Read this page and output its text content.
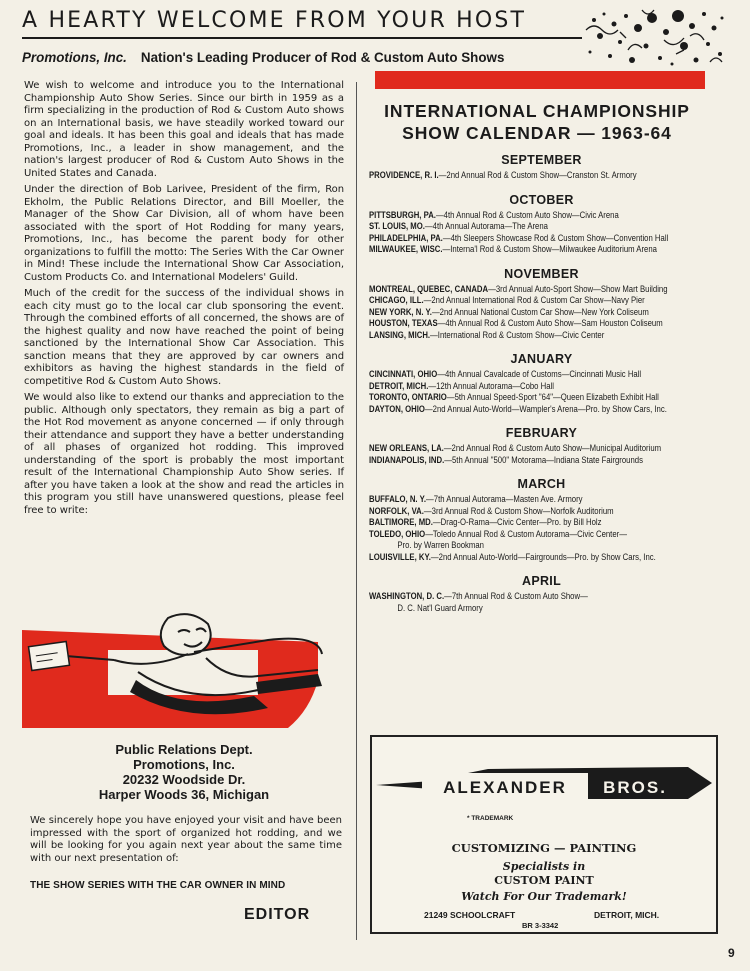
A HEARTY WELCOME FROM YOUR HOST
Promotions, Inc. Nation's Leading Producer of Rod & Custom Auto Shows

We wish to welcome and introduce you to the International Championship Auto Show Series. Since our birth in 1959 as a firm specializing in the production of Rod & Custom Auto shows on an International basis, we have steadily worked toward our goal and ideals. It has been this goal and ideals that has made Promotions, Inc., a leader in show management, and the nation's largest producer of Rod & Custom Auto Shows in the United States and Canada.

Under the direction of Bob Larivee, President of the firm, Ron Ekholm, the Public Relations Director, and Bill Moeller, the Manager of the Show Car Division, all of whom have been associated with the sport of Hot Rodding for many years, Promotions, Inc., has become the parent body for other organizations to fulfill the motto: The Series With the Car Owner in Mind! These include the International Show Car Association, Custom Products Co. and International Modelers' Guild.

Much of the credit for the success of the individual shows in each city must go to the local car club sponsoring the event. Through the combined efforts of all concerned, the shows are of the highest quality and now have reached the point of being sanctioned by the International Show Car Association. This sanction means that they are approved by car owners and exhibitors as having the highest standards in the field of competitive Rod & Custom Auto Shows.

We would also like to extend our thanks and appreciation to the public. Although only spectators, they remain as big a part of the Hot Rod movement as anyone concerned — if only through their attendance and support they have a better understanding of all phases of organized hot rodding. This improved understanding of the sport is probably the most important result of the International Championship Auto Show series. If after you have taken a look at the show and read the articles in this program you still have unanswered questions, please feel free to write:

Public Relations Dept.
Promotions, Inc.
20232 Woodside Dr.
Harper Woods 36, Michigan
We sincerely hope you have enjoyed your visit and have been impressed with the sport of organized hot rodding, and we will be looking for you again next year about the same time with our next presentation of:
THE SHOW SERIES WITH THE CAR OWNER IN MIND
EDITOR
INTERNATIONAL CHAMPIONSHIP
SHOW CALENDAR — 1963-64
SEPTEMBER
PROVIDENCE, R. I.—2nd Annual Rod & Custom Show—Cranston St. Armory
OCTOBER
PITTSBURGH, PA.—4th Annual Rod & Custom Auto Show—Civic Arena
ST. LOUIS, MO.—4th Annual Autorama—The Arena
PHILADELPHIA, PA.—4th Sleepers Showcase Rod & Custom Show—Convention Hall
MILWAUKEE, WISC.—Interna'l Rod & Custom Show—Milwaukee Auditorium Arena
NOVEMBER
MONTREAL, QUEBEC, CANADA—3rd Annual Auto-Sport Show—Show Mart Building
CHICAGO, ILL.—2nd Annual International Rod & Custom Car Show—Navy Pier
NEW YORK, N. Y.—2nd Annual National Custom Car Show—New York Coliseum
HOUSTON, TEXAS—4th Annual Rod & Custom Auto Show—Sam Houston Coliseum
LANSING, MICH.—International Rod & Custom Show—Civic Center
JANUARY
CINCINNATI, OHIO—4th Annual Cavalcade of Customs—Cincinnati Music Hall
DETROIT, MICH.—12th Annual Autorama—Cobo Hall
TORONTO, ONTARIO—5th Annual Speed-Sport "64"—Queen Elizabeth Exhibit Hall
DAYTON, OHIO—2nd Annual Auto-World—Wampler's Arena—Pro. by Show Cars, Inc.
FEBRUARY
NEW ORLEANS, LA.—2nd Annual Rod & Custom Auto Show—Municipal Auditorium
INDIANAPOLIS, IND.—5th Annual "500" Motorama—Indiana State Fairgrounds
MARCH
BUFFALO, N. Y.—7th Annual Autorama—Masten Ave. Armory
NORFOLK, VA.—3rd Annual Rod & Custom Show—Norfolk Auditorium
BALTIMORE, MD.—Drag-O-Rama—Civic Center—Pro. by Bill Holz
TOLEDO, OHIO—Toledo Annual Rod & Custom Autorama—Civic Center—
Pro. by Warren Bookman
LOUISVILLE, KY.—2nd Annual Auto-World—Fairgrounds—Pro. by Show Cars, Inc.
APRIL
WASHINGTON, D. C.—7th Annual Rod & Custom Auto Show—
D. C. Nat'l Guard Armory
ALEXANDER BROS.
* TRADEMARK
CUSTOMIZING — PAINTING
Specialists in
CUSTOM PAINT
Watch For Our Trademark!
21249 SCHOOLCRAFT	DETROIT, MICH.
BR 3-3342
9
